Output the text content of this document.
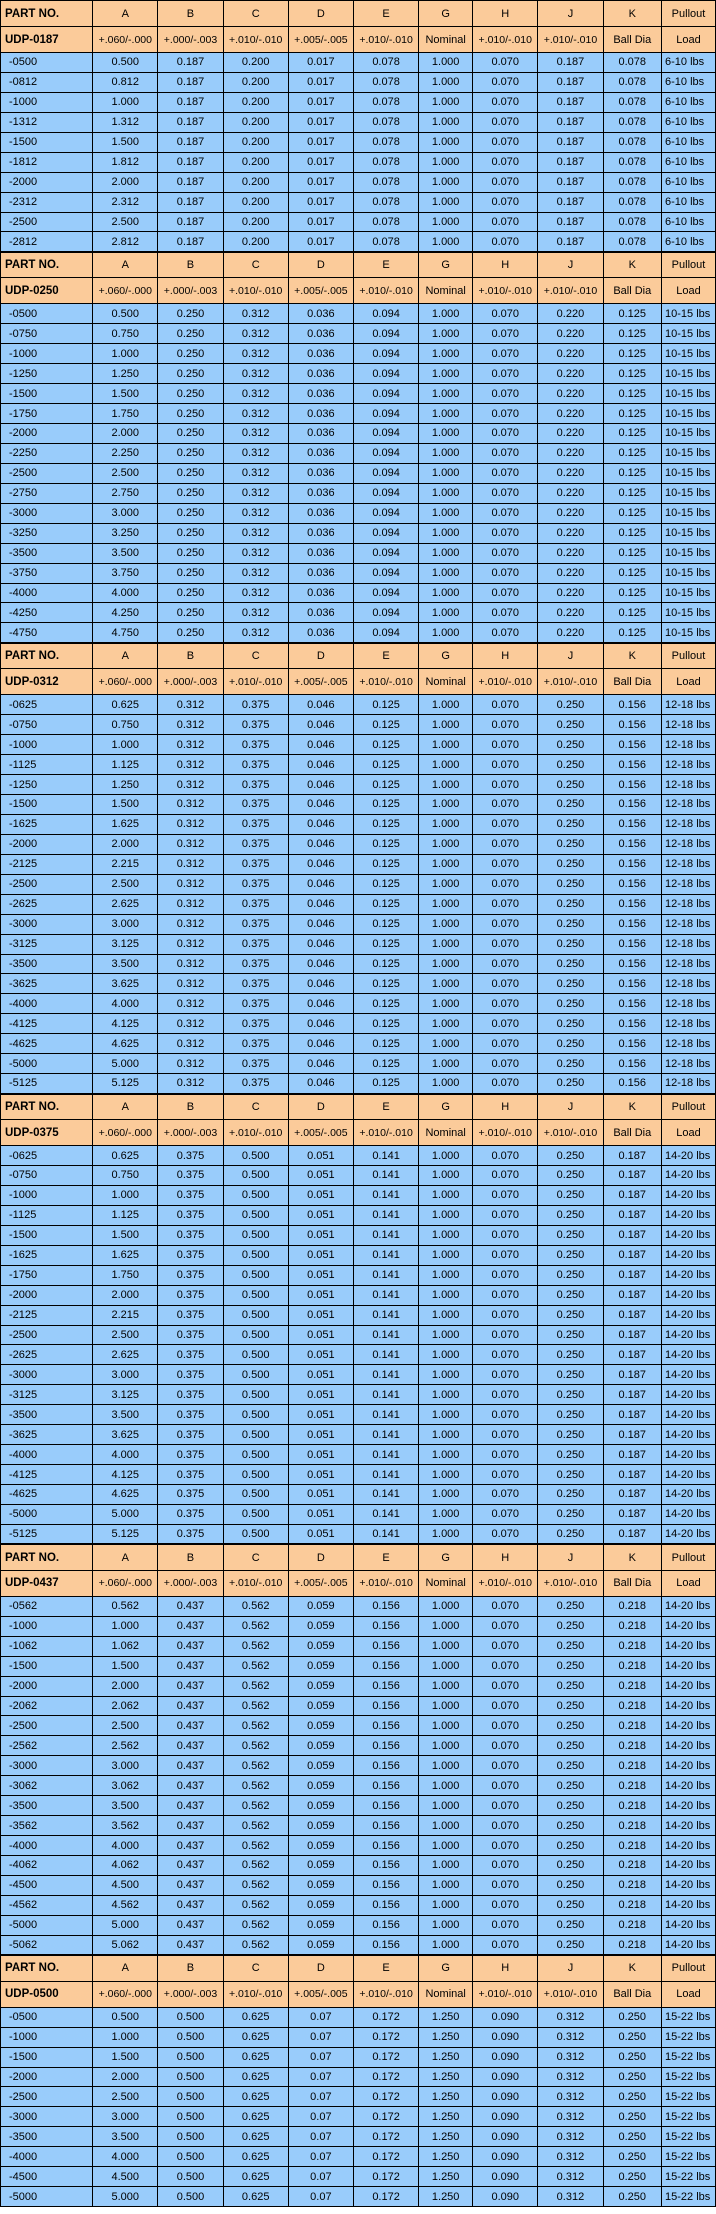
PART NO.	A	B	C	D	E	G	H	J	K	Pullout
UDP-0187	+.060/-.000	+.000/-.003	+.010/-.010	+.005/-.005	+.010/-.010	Nominal	+.010/-.010	+.010/-.010	Ball Dia	Load
-0500	0.500	0.187	0.200	0.017	0.078	1.000	0.070	0.187	0.078	6-10 lbs
-0812	0.812	0.187	0.200	0.017	0.078	1.000	0.070	0.187	0.078	6-10 lbs
-1000	1.000	0.187	0.200	0.017	0.078	1.000	0.070	0.187	0.078	6-10 lbs
-1312	1.312	0.187	0.200	0.017	0.078	1.000	0.070	0.187	0.078	6-10 lbs
-1500	1.500	0.187	0.200	0.017	0.078	1.000	0.070	0.187	0.078	6-10 lbs
-1812	1.812	0.187	0.200	0.017	0.078	1.000	0.070	0.187	0.078	6-10 lbs
-2000	2.000	0.187	0.200	0.017	0.078	1.000	0.070	0.187	0.078	6-10 lbs
-2312	2.312	0.187	0.200	0.017	0.078	1.000	0.070	0.187	0.078	6-10 lbs
-2500	2.500	0.187	0.200	0.017	0.078	1.000	0.070	0.187	0.078	6-10 lbs
-2812	2.812	0.187	0.200	0.017	0.078	1.000	0.070	0.187	0.078	6-10 lbs
PART NO.	A	B	C	D	E	G	H	J	K	Pullout
UDP-0250	+.060/-.000	+.000/-.003	+.010/-.010	+.005/-.005	+.010/-.010	Nominal	+.010/-.010	+.010/-.010	Ball Dia	Load
-0500	0.500	0.250	0.312	0.036	0.094	1.000	0.070	0.220	0.125	10-15 lbs
-0750	0.750	0.250	0.312	0.036	0.094	1.000	0.070	0.220	0.125	10-15 lbs
-1000	1.000	0.250	0.312	0.036	0.094	1.000	0.070	0.220	0.125	10-15 lbs
-1250	1.250	0.250	0.312	0.036	0.094	1.000	0.070	0.220	0.125	10-15 lbs
-1500	1.500	0.250	0.312	0.036	0.094	1.000	0.070	0.220	0.125	10-15 lbs
-1750	1.750	0.250	0.312	0.036	0.094	1.000	0.070	0.220	0.125	10-15 lbs
-2000	2.000	0.250	0.312	0.036	0.094	1.000	0.070	0.220	0.125	10-15 lbs
-2250	2.250	0.250	0.312	0.036	0.094	1.000	0.070	0.220	0.125	10-15 lbs
-2500	2.500	0.250	0.312	0.036	0.094	1.000	0.070	0.220	0.125	10-15 lbs
-2750	2.750	0.250	0.312	0.036	0.094	1.000	0.070	0.220	0.125	10-15 lbs
-3000	3.000	0.250	0.312	0.036	0.094	1.000	0.070	0.220	0.125	10-15 lbs
-3250	3.250	0.250	0.312	0.036	0.094	1.000	0.070	0.220	0.125	10-15 lbs
-3500	3.500	0.250	0.312	0.036	0.094	1.000	0.070	0.220	0.125	10-15 lbs
-3750	3.750	0.250	0.312	0.036	0.094	1.000	0.070	0.220	0.125	10-15 lbs
-4000	4.000	0.250	0.312	0.036	0.094	1.000	0.070	0.220	0.125	10-15 lbs
-4250	4.250	0.250	0.312	0.036	0.094	1.000	0.070	0.220	0.125	10-15 lbs
-4750	4.750	0.250	0.312	0.036	0.094	1.000	0.070	0.220	0.125	10-15 lbs
PART NO.	A	B	C	D	E	G	H	J	K	Pullout
UDP-0312	+.060/-.000	+.000/-.003	+.010/-.010	+.005/-.005	+.010/-.010	Nominal	+.010/-.010	+.010/-.010	Ball Dia	Load
-0625	0.625	0.312	0.375	0.046	0.125	1.000	0.070	0.250	0.156	12-18 lbs
-0750	0.750	0.312	0.375	0.046	0.125	1.000	0.070	0.250	0.156	12-18 lbs
-1000	1.000	0.312	0.375	0.046	0.125	1.000	0.070	0.250	0.156	12-18 lbs
-1125	1.125	0.312	0.375	0.046	0.125	1.000	0.070	0.250	0.156	12-18 lbs
-1250	1.250	0.312	0.375	0.046	0.125	1.000	0.070	0.250	0.156	12-18 lbs
-1500	1.500	0.312	0.375	0.046	0.125	1.000	0.070	0.250	0.156	12-18 lbs
-1625	1.625	0.312	0.375	0.046	0.125	1.000	0.070	0.250	0.156	12-18 lbs
-2000	2.000	0.312	0.375	0.046	0.125	1.000	0.070	0.250	0.156	12-18 lbs
-2125	2.215	0.312	0.375	0.046	0.125	1.000	0.070	0.250	0.156	12-18 lbs
-2500	2.500	0.312	0.375	0.046	0.125	1.000	0.070	0.250	0.156	12-18 lbs
-2625	2.625	0.312	0.375	0.046	0.125	1.000	0.070	0.250	0.156	12-18 lbs
-3000	3.000	0.312	0.375	0.046	0.125	1.000	0.070	0.250	0.156	12-18 lbs
-3125	3.125	0.312	0.375	0.046	0.125	1.000	0.070	0.250	0.156	12-18 lbs
-3500	3.500	0.312	0.375	0.046	0.125	1.000	0.070	0.250	0.156	12-18 lbs
-3625	3.625	0.312	0.375	0.046	0.125	1.000	0.070	0.250	0.156	12-18 lbs
-4000	4.000	0.312	0.375	0.046	0.125	1.000	0.070	0.250	0.156	12-18 lbs
-4125	4.125	0.312	0.375	0.046	0.125	1.000	0.070	0.250	0.156	12-18 lbs
-4625	4.625	0.312	0.375	0.046	0.125	1.000	0.070	0.250	0.156	12-18 lbs
-5000	5.000	0.312	0.375	0.046	0.125	1.000	0.070	0.250	0.156	12-18 lbs
-5125	5.125	0.312	0.375	0.046	0.125	1.000	0.070	0.250	0.156	12-18 lbs
PART NO.	A	B	C	D	E	G	H	J	K	Pullout
UDP-0375	+.060/-.000	+.000/-.003	+.010/-.010	+.005/-.005	+.010/-.010	Nominal	+.010/-.010	+.010/-.010	Ball Dia	Load
-0625	0.625	0.375	0.500	0.051	0.141	1.000	0.070	0.250	0.187	14-20 lbs
-0750	0.750	0.375	0.500	0.051	0.141	1.000	0.070	0.250	0.187	14-20 lbs
-1000	1.000	0.375	0.500	0.051	0.141	1.000	0.070	0.250	0.187	14-20 lbs
-1125	1.125	0.375	0.500	0.051	0.141	1.000	0.070	0.250	0.187	14-20 lbs
-1500	1.500	0.375	0.500	0.051	0.141	1.000	0.070	0.250	0.187	14-20 lbs
-1625	1.625	0.375	0.500	0.051	0.141	1.000	0.070	0.250	0.187	14-20 lbs
-1750	1.750	0.375	0.500	0.051	0.141	1.000	0.070	0.250	0.187	14-20 lbs
-2000	2.000	0.375	0.500	0.051	0.141	1.000	0.070	0.250	0.187	14-20 lbs
-2125	2.215	0.375	0.500	0.051	0.141	1.000	0.070	0.250	0.187	14-20 lbs
-2500	2.500	0.375	0.500	0.051	0.141	1.000	0.070	0.250	0.187	14-20 lbs
-2625	2.625	0.375	0.500	0.051	0.141	1.000	0.070	0.250	0.187	14-20 lbs
-3000	3.000	0.375	0.500	0.051	0.141	1.000	0.070	0.250	0.187	14-20 lbs
-3125	3.125	0.375	0.500	0.051	0.141	1.000	0.070	0.250	0.187	14-20 lbs
-3500	3.500	0.375	0.500	0.051	0.141	1.000	0.070	0.250	0.187	14-20 lbs
-3625	3.625	0.375	0.500	0.051	0.141	1.000	0.070	0.250	0.187	14-20 lbs
-4000	4.000	0.375	0.500	0.051	0.141	1.000	0.070	0.250	0.187	14-20 lbs
-4125	4.125	0.375	0.500	0.051	0.141	1.000	0.070	0.250	0.187	14-20 lbs
-4625	4.625	0.375	0.500	0.051	0.141	1.000	0.070	0.250	0.187	14-20 lbs
-5000	5.000	0.375	0.500	0.051	0.141	1.000	0.070	0.250	0.187	14-20 lbs
-5125	5.125	0.375	0.500	0.051	0.141	1.000	0.070	0.250	0.187	14-20 lbs
PART NO.	A	B	C	D	E	G	H	J	K	Pullout
UDP-0437	+.060/-.000	+.000/-.003	+.010/-.010	+.005/-.005	+.010/-.010	Nominal	+.010/-.010	+.010/-.010	Ball Dia	Load
-0562	0.562	0.437	0.562	0.059	0.156	1.000	0.070	0.250	0.218	14-20 lbs
-1000	1.000	0.437	0.562	0.059	0.156	1.000	0.070	0.250	0.218	14-20 lbs
-1062	1.062	0.437	0.562	0.059	0.156	1.000	0.070	0.250	0.218	14-20 lbs
-1500	1.500	0.437	0.562	0.059	0.156	1.000	0.070	0.250	0.218	14-20 lbs
-2000	2.000	0.437	0.562	0.059	0.156	1.000	0.070	0.250	0.218	14-20 lbs
-2062	2.062	0.437	0.562	0.059	0.156	1.000	0.070	0.250	0.218	14-20 lbs
-2500	2.500	0.437	0.562	0.059	0.156	1.000	0.070	0.250	0.218	14-20 lbs
-2562	2.562	0.437	0.562	0.059	0.156	1.000	0.070	0.250	0.218	14-20 lbs
-3000	3.000	0.437	0.562	0.059	0.156	1.000	0.070	0.250	0.218	14-20 lbs
-3062	3.062	0.437	0.562	0.059	0.156	1.000	0.070	0.250	0.218	14-20 lbs
-3500	3.500	0.437	0.562	0.059	0.156	1.000	0.070	0.250	0.218	14-20 lbs
-3562	3.562	0.437	0.562	0.059	0.156	1.000	0.070	0.250	0.218	14-20 lbs
-4000	4.000	0.437	0.562	0.059	0.156	1.000	0.070	0.250	0.218	14-20 lbs
-4062	4.062	0.437	0.562	0.059	0.156	1.000	0.070	0.250	0.218	14-20 lbs
-4500	4.500	0.437	0.562	0.059	0.156	1.000	0.070	0.250	0.218	14-20 lbs
-4562	4.562	0.437	0.562	0.059	0.156	1.000	0.070	0.250	0.218	14-20 lbs
-5000	5.000	0.437	0.562	0.059	0.156	1.000	0.070	0.250	0.218	14-20 lbs
-5062	5.062	0.437	0.562	0.059	0.156	1.000	0.070	0.250	0.218	14-20 lbs
PART NO.	A	B	C	D	E	G	H	J	K	Pullout
UDP-0500	+.060/-.000	+.000/-.003	+.010/-.010	+.005/-.005	+.010/-.010	Nominal	+.010/-.010	+.010/-.010	Ball Dia	Load
-0500	0.500	0.500	0.625	0.07	0.172	1.250	0.090	0.312	0.250	15-22 lbs
-1000	1.000	0.500	0.625	0.07	0.172	1.250	0.090	0.312	0.250	15-22 lbs
-1500	1.500	0.500	0.625	0.07	0.172	1.250	0.090	0.312	0.250	15-22 lbs
-2000	2.000	0.500	0.625	0.07	0.172	1.250	0.090	0.312	0.250	15-22 lbs
-2500	2.500	0.500	0.625	0.07	0.172	1.250	0.090	0.312	0.250	15-22 lbs
-3000	3.000	0.500	0.625	0.07	0.172	1.250	0.090	0.312	0.250	15-22 lbs
-3500	3.500	0.500	0.625	0.07	0.172	1.250	0.090	0.312	0.250	15-22 lbs
-4000	4.000	0.500	0.625	0.07	0.172	1.250	0.090	0.312	0.250	15-22 lbs
-4500	4.500	0.500	0.625	0.07	0.172	1.250	0.090	0.312	0.250	15-22 lbs
-5000	5.000	0.500	0.625	0.07	0.172	1.250	0.090	0.312	0.250	15-22 lbs
